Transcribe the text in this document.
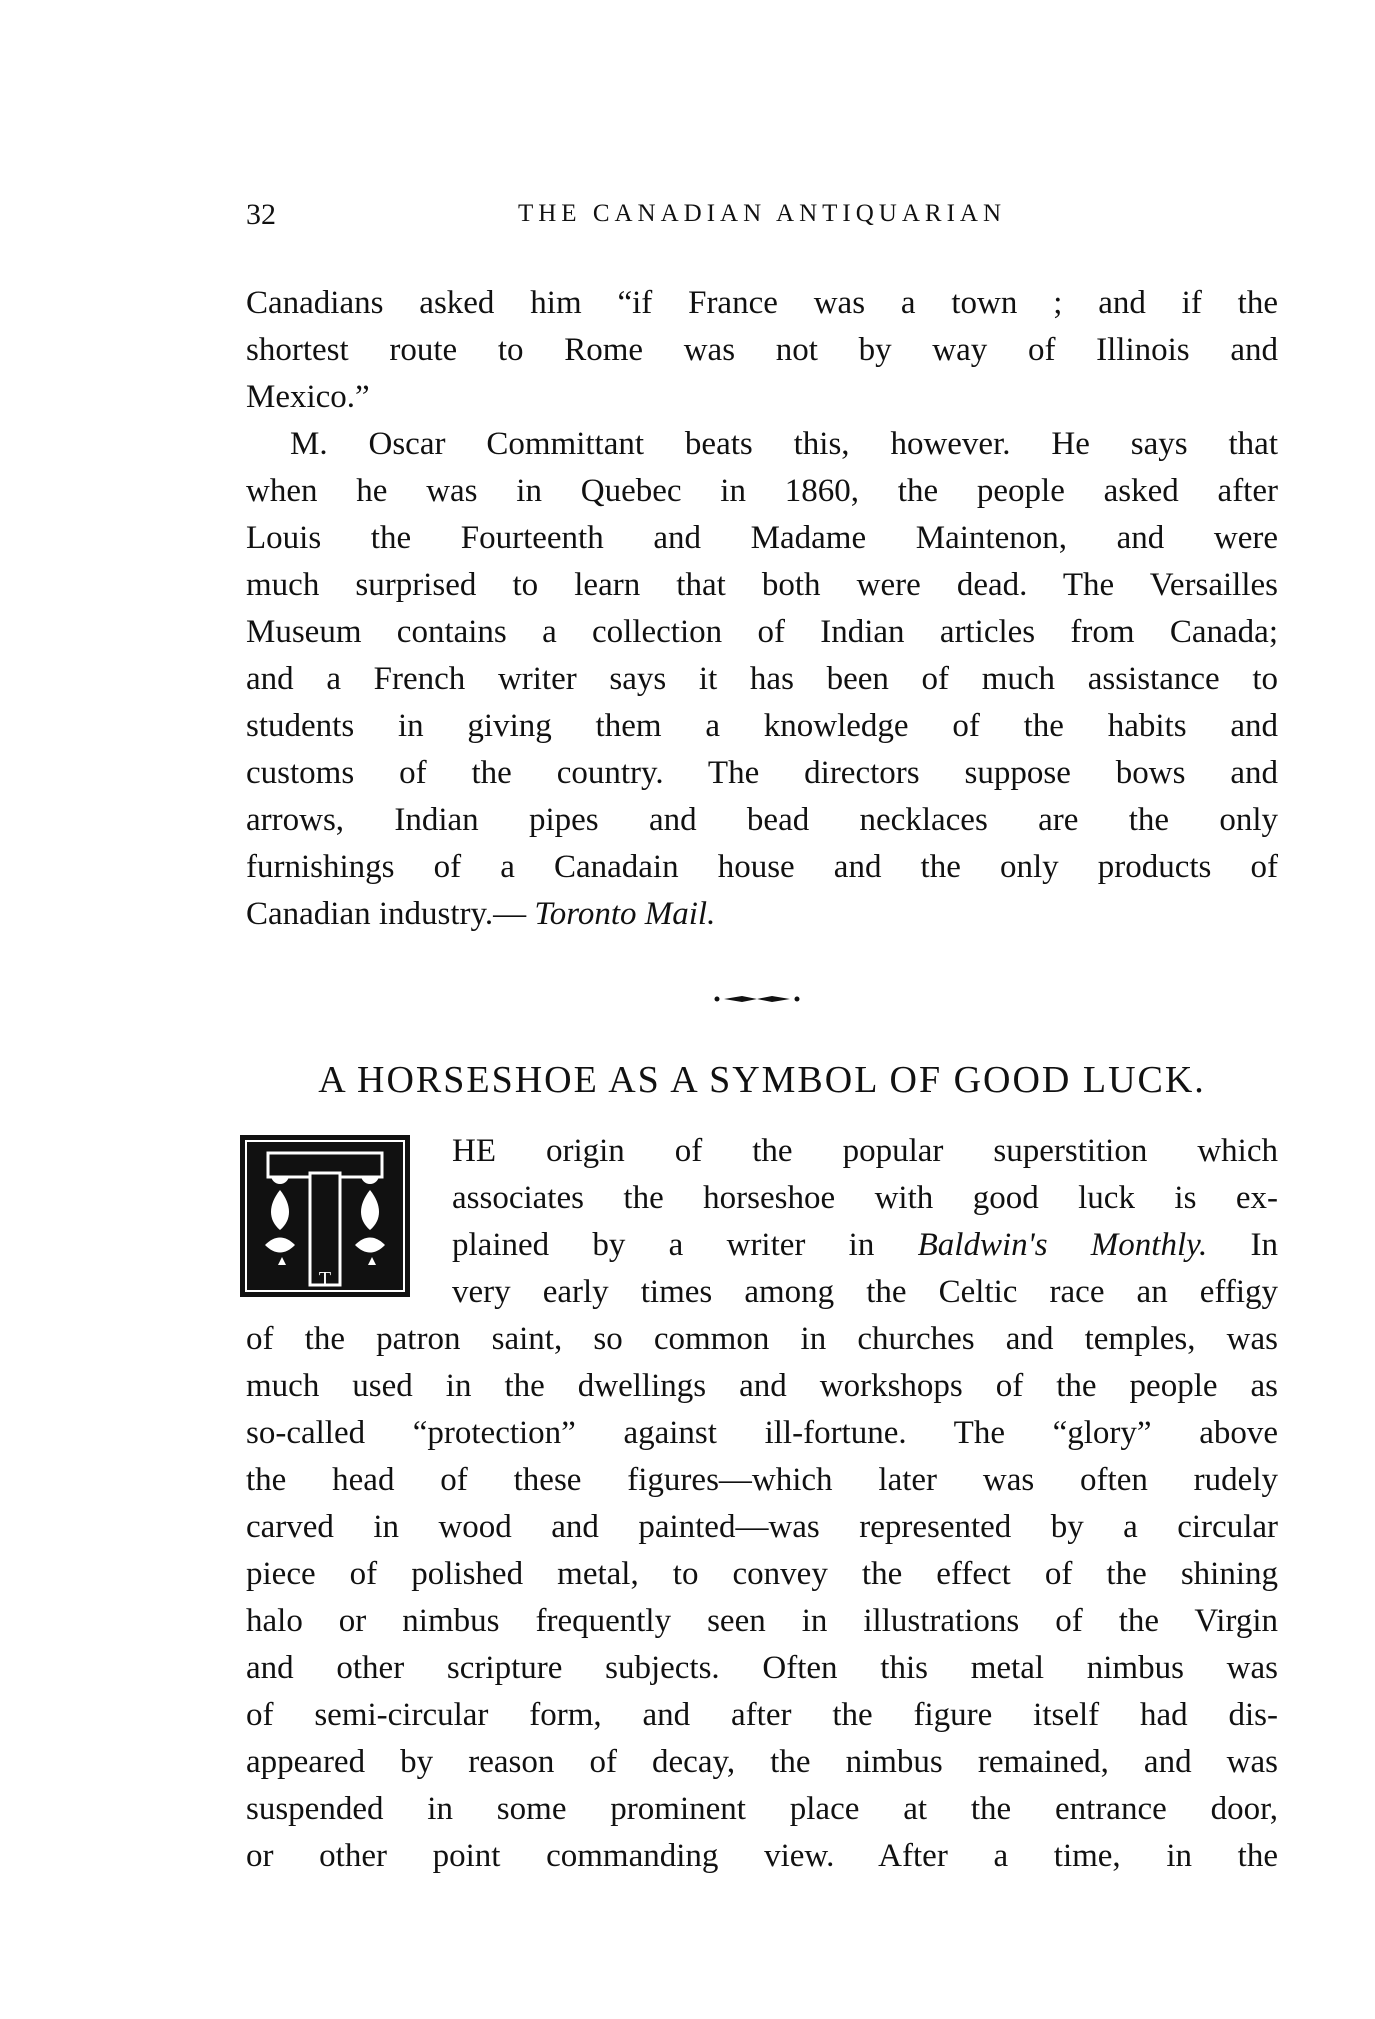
32	THE CANADIAN ANTIQUARIAN
Canadians asked him “if France was a town ; and if the
shortest route to Rome was not by way of Illinois and
Mexico.”
M. Oscar Committant beats this, however. He says that
when he was in Quebec in 1860, the people asked after
Louis the Fourteenth and Madame Maintenon, and were
much surprised to learn that both were dead. The Versailles
Museum contains a collection of Indian articles from Canada;
and a French writer says it has been of much assistance to
students in giving them a knowledge of the habits and
customs of the country. The directors suppose bows and
arrows, Indian pipes and bead necklaces are the only
furnishings of a Canadain house and the only products of
Canadian industry.— Toronto Mail.
A HORSESHOE AS A SYMBOL OF GOOD LUCK.
T
HE origin of the popular superstition which
associates the horseshoe with good luck is ex-
plained by a writer in Baldwin's Monthly. In
very early times among the Celtic race an effigy
of the patron saint, so common in churches and temples, was
much used in the dwellings and workshops of the people as
so-called “protection” against ill-fortune. The “glory” above
the head of these figures—which later was often rudely
carved in wood and painted—was represented by a circular
piece of polished metal, to convey the effect of the shining
halo or nimbus frequently seen in illustrations of the Virgin
and other scripture subjects. Often this metal nimbus was
of semi-circular form, and after the figure itself had dis-
appeared by reason of decay, the nimbus remained, and was
suspended in some prominent place at the entrance door,
or other point commanding view. After a time, in the
